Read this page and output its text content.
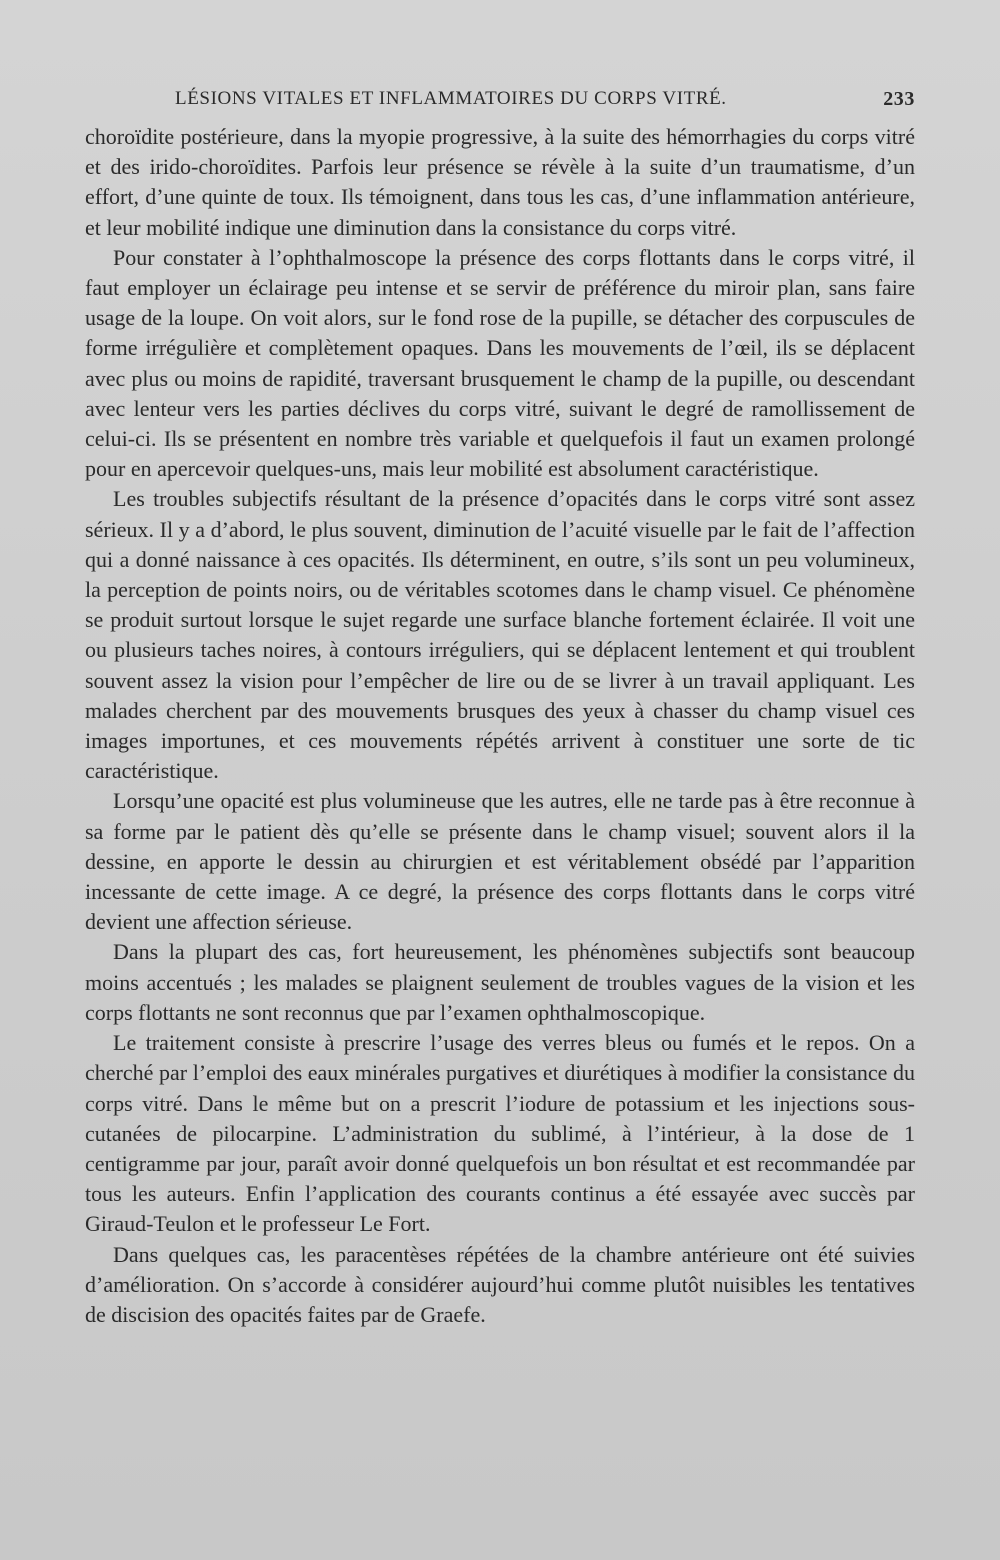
LÉSIONS VITALES ET INFLAMMATOIRES DU CORPS VITRÉ.	233

choroïdite postérieure, dans la myopie progressive, à la suite des hémorrhagies du corps vitré et des irido-choroïdites. Parfois leur présence se révèle à la suite d’un traumatisme, d’un effort, d’une quinte de toux. Ils témoignent, dans tous les cas, d’une inflammation antérieure, et leur mobilité indique une diminution dans la consistance du corps vitré.

Pour constater à l’ophthalmoscope la présence des corps flottants dans le corps vitré, il faut employer un éclairage peu intense et se servir de préférence du miroir plan, sans faire usage de la loupe. On voit alors, sur le fond rose de la pupille, se détacher des corpuscules de forme irrégulière et complètement opaques. Dans les mouvements de l’œil, ils se déplacent avec plus ou moins de rapidité, traversant brusquement le champ de la pupille, ou descendant avec lenteur vers les parties déclives du corps vitré, suivant le degré de ramollissement de celui-ci. Ils se présentent en nombre très variable et quelquefois il faut un examen prolongé pour en apercevoir quelques-uns, mais leur mobilité est absolument caractéristique.

Les troubles subjectifs résultant de la présence d’opacités dans le corps vitré sont assez sérieux. Il y a d’abord, le plus souvent, diminution de l’acuité visuelle par le fait de l’affection qui a donné naissance à ces opacités. Ils déterminent, en outre, s’ils sont un peu volumineux, la perception de points noirs, ou de véritables scotomes dans le champ visuel. Ce phénomène se produit surtout lorsque le sujet regarde une surface blanche fortement éclairée. Il voit une ou plusieurs taches noires, à contours irréguliers, qui se déplacent lentement et qui troublent souvent assez la vision pour l’empêcher de lire ou de se livrer à un travail appliquant. Les malades cherchent par des mouvements brusques des yeux à chasser du champ visuel ces images importunes, et ces mouvements répétés arrivent à constituer une sorte de tic caractéristique.

Lorsqu’une opacité est plus volumineuse que les autres, elle ne tarde pas à être reconnue à sa forme par le patient dès qu’elle se présente dans le champ visuel; souvent alors il la dessine, en apporte le dessin au chirurgien et est véritablement obsédé par l’apparition incessante de cette image. A ce degré, la présence des corps flottants dans le corps vitré devient une affection sérieuse.

Dans la plupart des cas, fort heureusement, les phénomènes subjectifs sont beaucoup moins accentués ; les malades se plaignent seulement de troubles vagues de la vision et les corps flottants ne sont reconnus que par l’examen ophthalmoscopique.

Le traitement consiste à prescrire l’usage des verres bleus ou fumés et le repos. On a cherché par l’emploi des eaux minérales purgatives et diurétiques à modifier la consistance du corps vitré. Dans le même but on a prescrit l’iodure de potassium et les injections sous-cutanées de pilocarpine. L’administration du sublimé, à l’intérieur, à la dose de 1 centigramme par jour, paraît avoir donné quelquefois un bon résultat et est recommandée par tous les auteurs. Enfin l’application des courants continus a été essayée avec succès par Giraud-Teulon et le professeur Le Fort.

Dans quelques cas, les paracentèses répétées de la chambre antérieure ont été suivies d’amélioration. On s’accorde à considérer aujourd’hui comme plutôt nuisibles les tentatives de discision des opacités faites par de Graefe.
